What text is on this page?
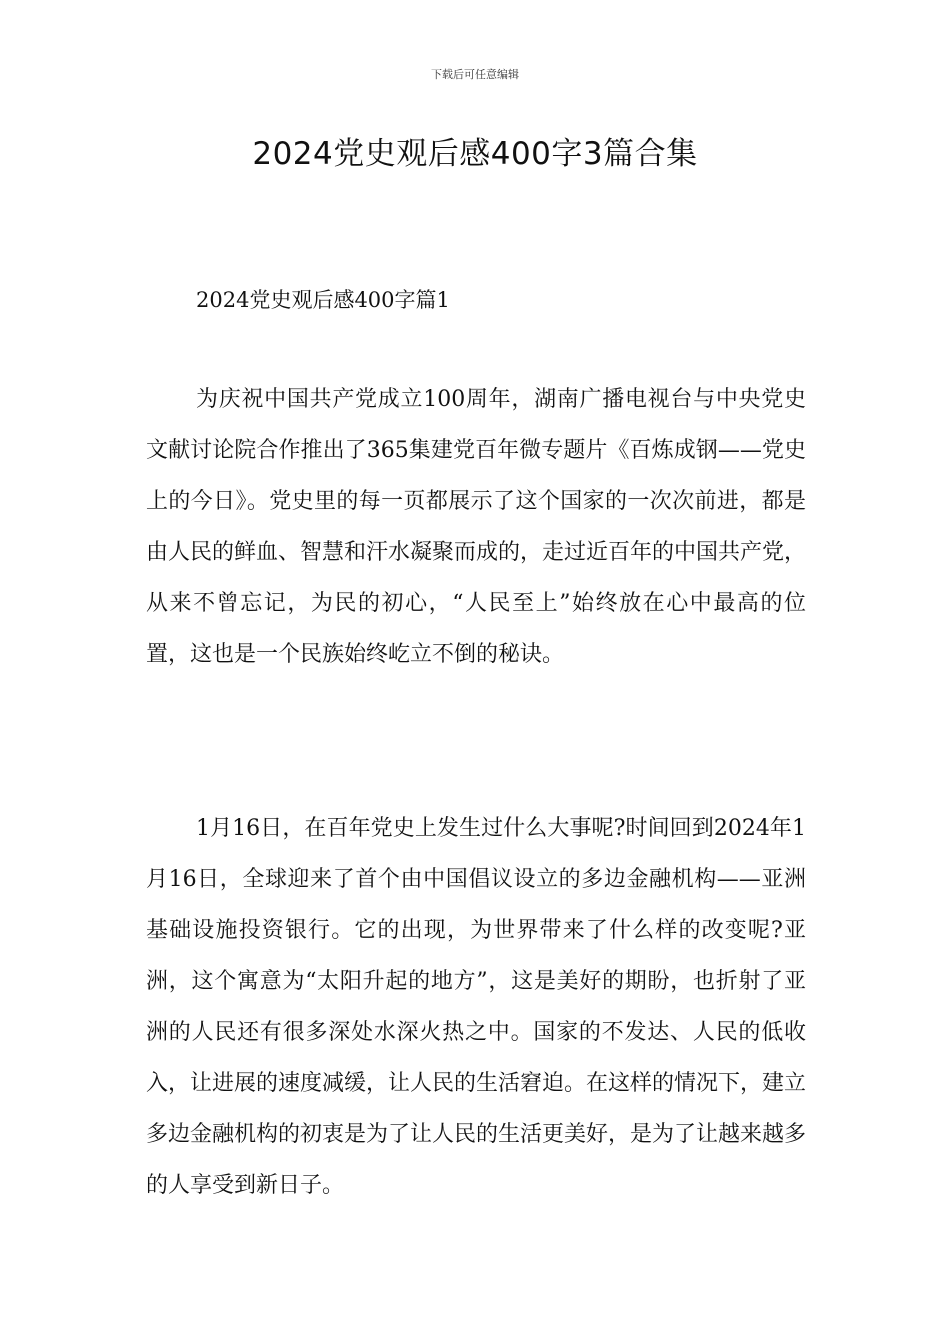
下载后可任意编辑
2024党史观后感400字3篇合集
2024党史观后感400字篇1

为庆祝中国共产党成立100周年，湖南广播电视台与中央党史文献讨论院合作推出了365集建党百年微专题片《百炼成钢——党史上的今日》。党史里的每一页都展示了这个国家的一次次前进，都是由人民的鲜血、智慧和汗水凝聚而成的，走过近百年的中国共产党，从来不曾忘记，为民的初心，“人民至上”始终放在心中最高的位置，这也是一个民族始终屹立不倒的秘诀。

1月16日，在百年党史上发生过什么大事呢?时间回到2024年1月16日，全球迎来了首个由中国倡议设立的多边金融机构——亚洲基础设施投资银行。它的出现，为世界带来了什么样的改变呢?亚洲，这个寓意为“太阳升起的地方”，这是美好的期盼，也折射了亚洲的人民还有很多深处水深火热之中。国家的不发达、人民的低收入，让进展的速度减缓，让人民的生活窘迫。在这样的情况下，建立多边金融机构的初衷是为了让人民的生活更美好，是为了让越来越多的人享受到新日子。
